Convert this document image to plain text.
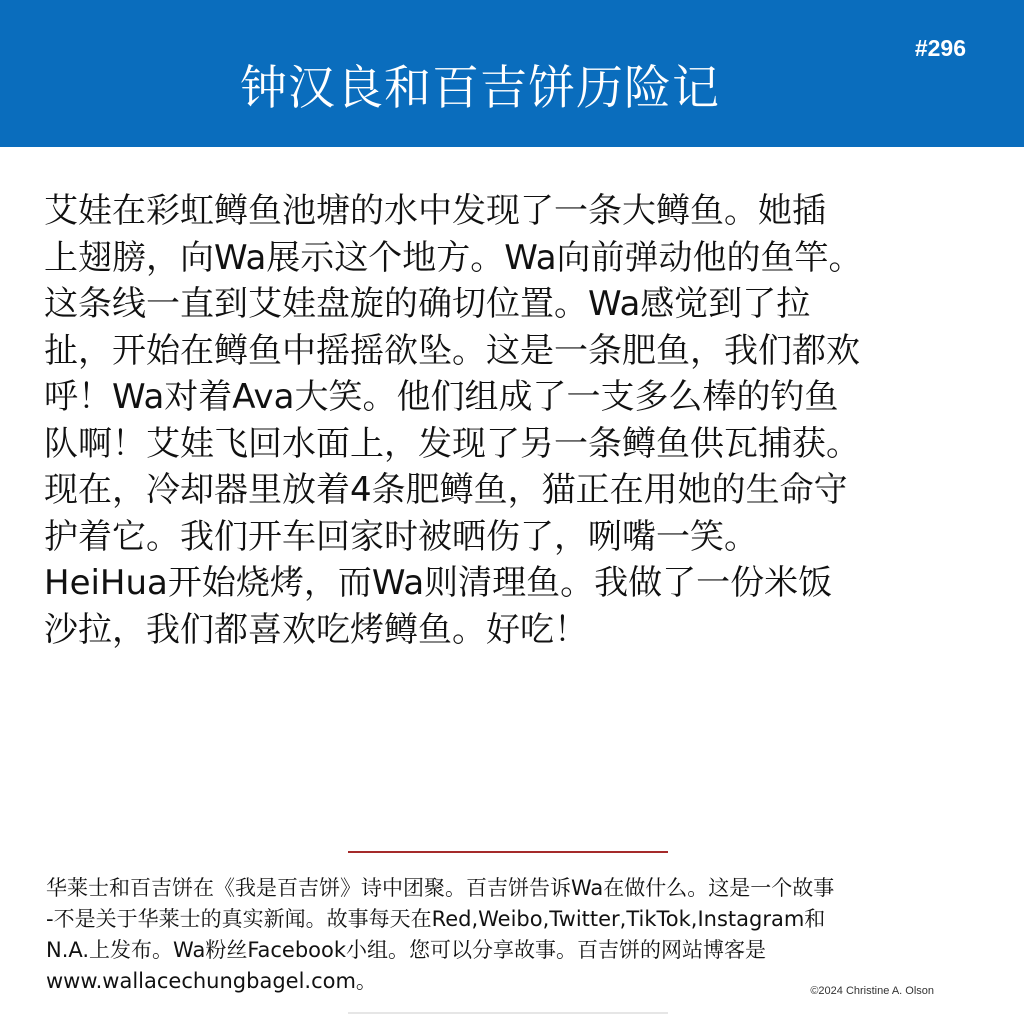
#296
钟汉良和百吉饼历险记
艾娃在彩虹鳟鱼池塘的水中发现了一条大鳟鱼。她插
上翅膀，向Wa展示这个地方。Wa向前弹动他的鱼竿。
这条线一直到艾娃盘旋的确切位置。Wa感觉到了拉
扯，开始在鳟鱼中摇摇欲坠。这是一条肥鱼，我们都欢
呼！Wa对着Ava大笑。他们组成了一支多么棒的钓鱼
队啊！艾娃飞回水面上，发现了另一条鳟鱼供瓦捕获。
现在，冷却器里放着4条肥鳟鱼，猫正在用她的生命守
护着它。我们开车回家时被晒伤了，咧嘴一笑。
HeiHua开始烧烤，而Wa则清理鱼。我做了一份米饭
沙拉，我们都喜欢吃烤鳟鱼。好吃！
华莱士和百吉饼在《我是百吉饼》诗中团聚。百吉饼告诉Wa在做什么。这是一个故事
-不是关于华莱士的真实新闻。故事每天在Red,Weibo,Twitter,TikTok,Instagram和
N.A.上发布。Wa粉丝Facebook小组。您可以分享故事。百吉饼的网站博客是
www.wallacechungbagel.com。	©2024 Christine A. Olson
